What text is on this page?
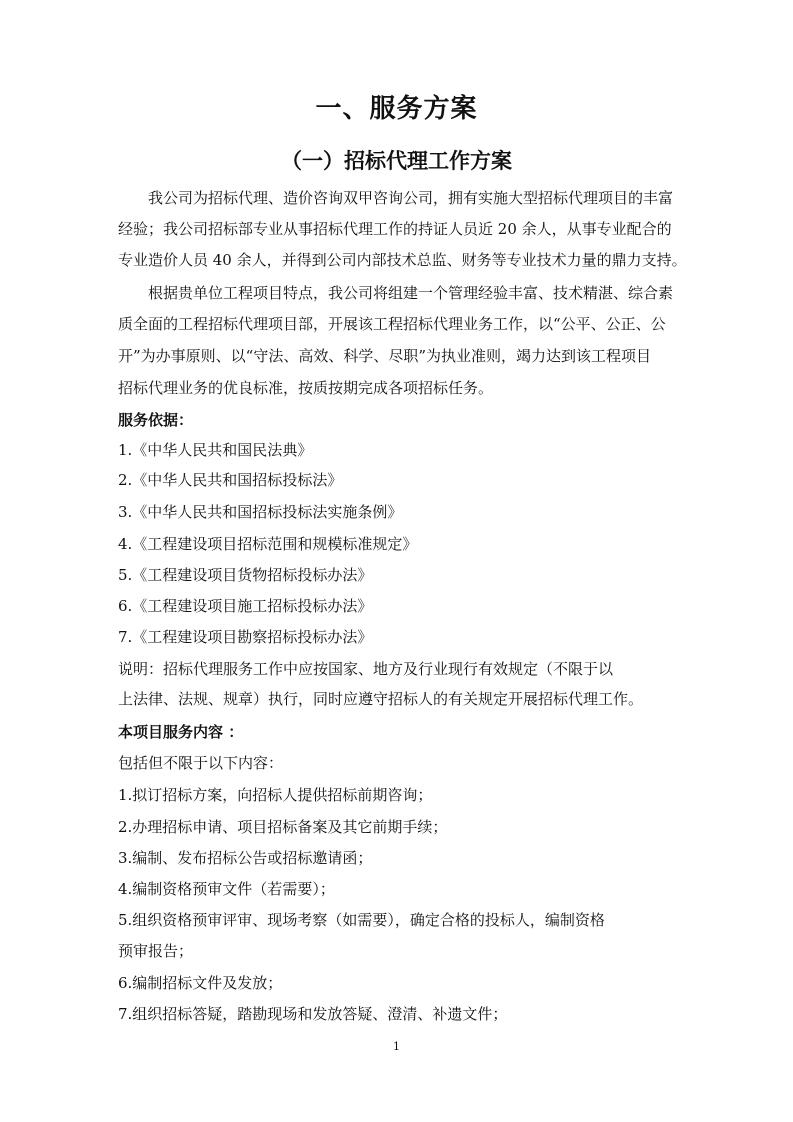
一、服务方案
（一）招标代理工作方案
我公司为招标代理、造价咨询双甲咨询公司，拥有实施大型招标代理项目的丰富
经验；我公司招标部专业从事招标代理工作的持证人员近 20 余人，从事专业配合的
专业造价人员 40 余人，并得到公司内部技术总监、财务等专业技术力量的鼎力支持。
根据贵单位工程项目特点，我公司将组建一个管理经验丰富、技术精湛、综合素
质全面的工程招标代理项目部，开展该工程招标代理业务工作，以“公平、公正、公
开”为办事原则、以“守法、高效、科学、尽职”为执业准则，竭力达到该工程项目
招标代理业务的优良标准，按质按期完成各项招标任务。
服务依据：
1.《中华人民共和国民法典》
2.《中华人民共和国招标投标法》
3.《中华人民共和国招标投标法实施条例》
4.《工程建设项目招标范围和规模标准规定》
5.《工程建设项目货物招标投标办法》
6.《工程建设项目施工招标投标办法》
7.《工程建设项目勘察招标投标办法》
说明：招标代理服务工作中应按国家、地方及行业现行有效规定（不限于以
上法律、法规、规章）执行，同时应遵守招标人的有关规定开展招标代理工作。
本项目服务内容 ：
包括但不限于以下内容：
1.拟订招标方案，向招标人提供招标前期咨询；
2.办理招标申请、项目招标备案及其它前期手续；
3.编制、发布招标公告或招标邀请函；
4.编制资格预审文件（若需要）；
5.组织资格预审评审、现场考察（如需要），确定合格的投标人，编制资格
预审报告；
6.编制招标文件及发放；
7.组织招标答疑，踏勘现场和发放答疑、澄清、补遗文件；
1
